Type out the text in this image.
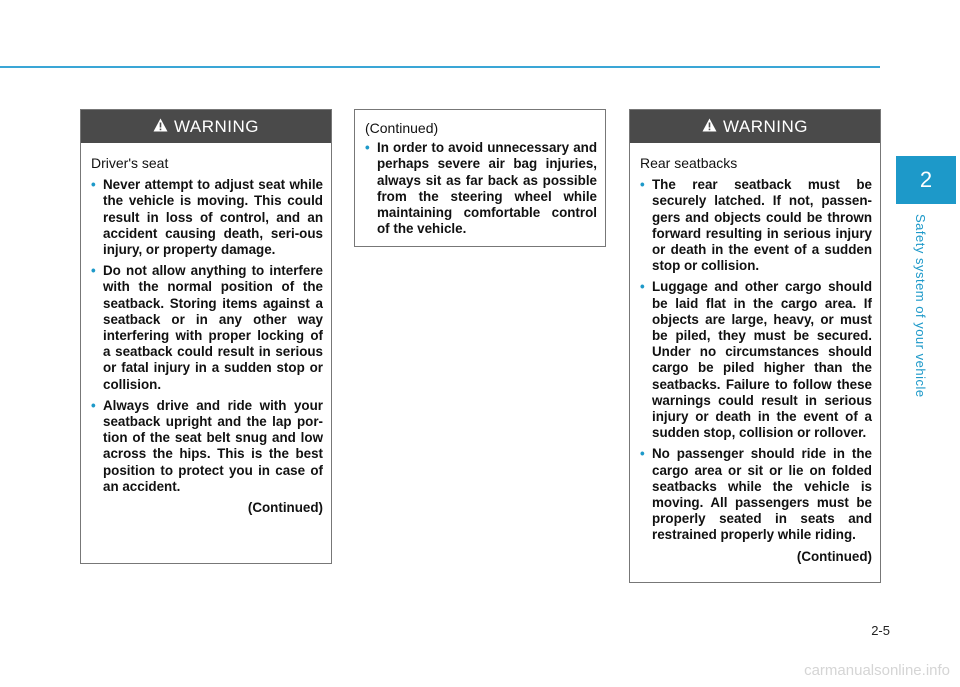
2
Safety system of your vehicle
WARNING
Driver's seat
• Never attempt to adjust seat while the vehicle is moving. This could result in loss of control, and an accident causing death, seri-ous injury, or property damage.
• Do not allow anything to interfere with the normal position of the seatback. Storing items against a seatback or in any other way interfering with proper locking of a seatback could result in serious or fatal injury in a sudden stop or collision.
• Always drive and ride with your seatback upright and the lap por-tion of the seat belt snug and low across the hips. This is the best position to protect you in case of an accident.
(Continued)
(Continued)
• In order to avoid unnecessary and perhaps severe air bag injuries, always sit as far back as possible from the steering wheel while maintaining comfortable control of the vehicle.
WARNING
Rear seatbacks
• The rear seatback must be securely latched. If not, passen-gers and objects could be thrown forward resulting in serious injury or death in the event of a sudden stop or collision.
• Luggage and other cargo should be laid flat in the cargo area. If objects are large, heavy, or must be piled, they must be secured. Under no circumstances should cargo be piled higher than the seatbacks. Failure to follow these warnings could result in serious injury or death in the event of a sudden stop, collision or rollover.
• No passenger should ride in the cargo area or sit or lie on folded seatbacks while the vehicle is moving. All passengers must be properly seated in seats and restrained properly while riding.
(Continued)
2-5
carmanualsonline.info
